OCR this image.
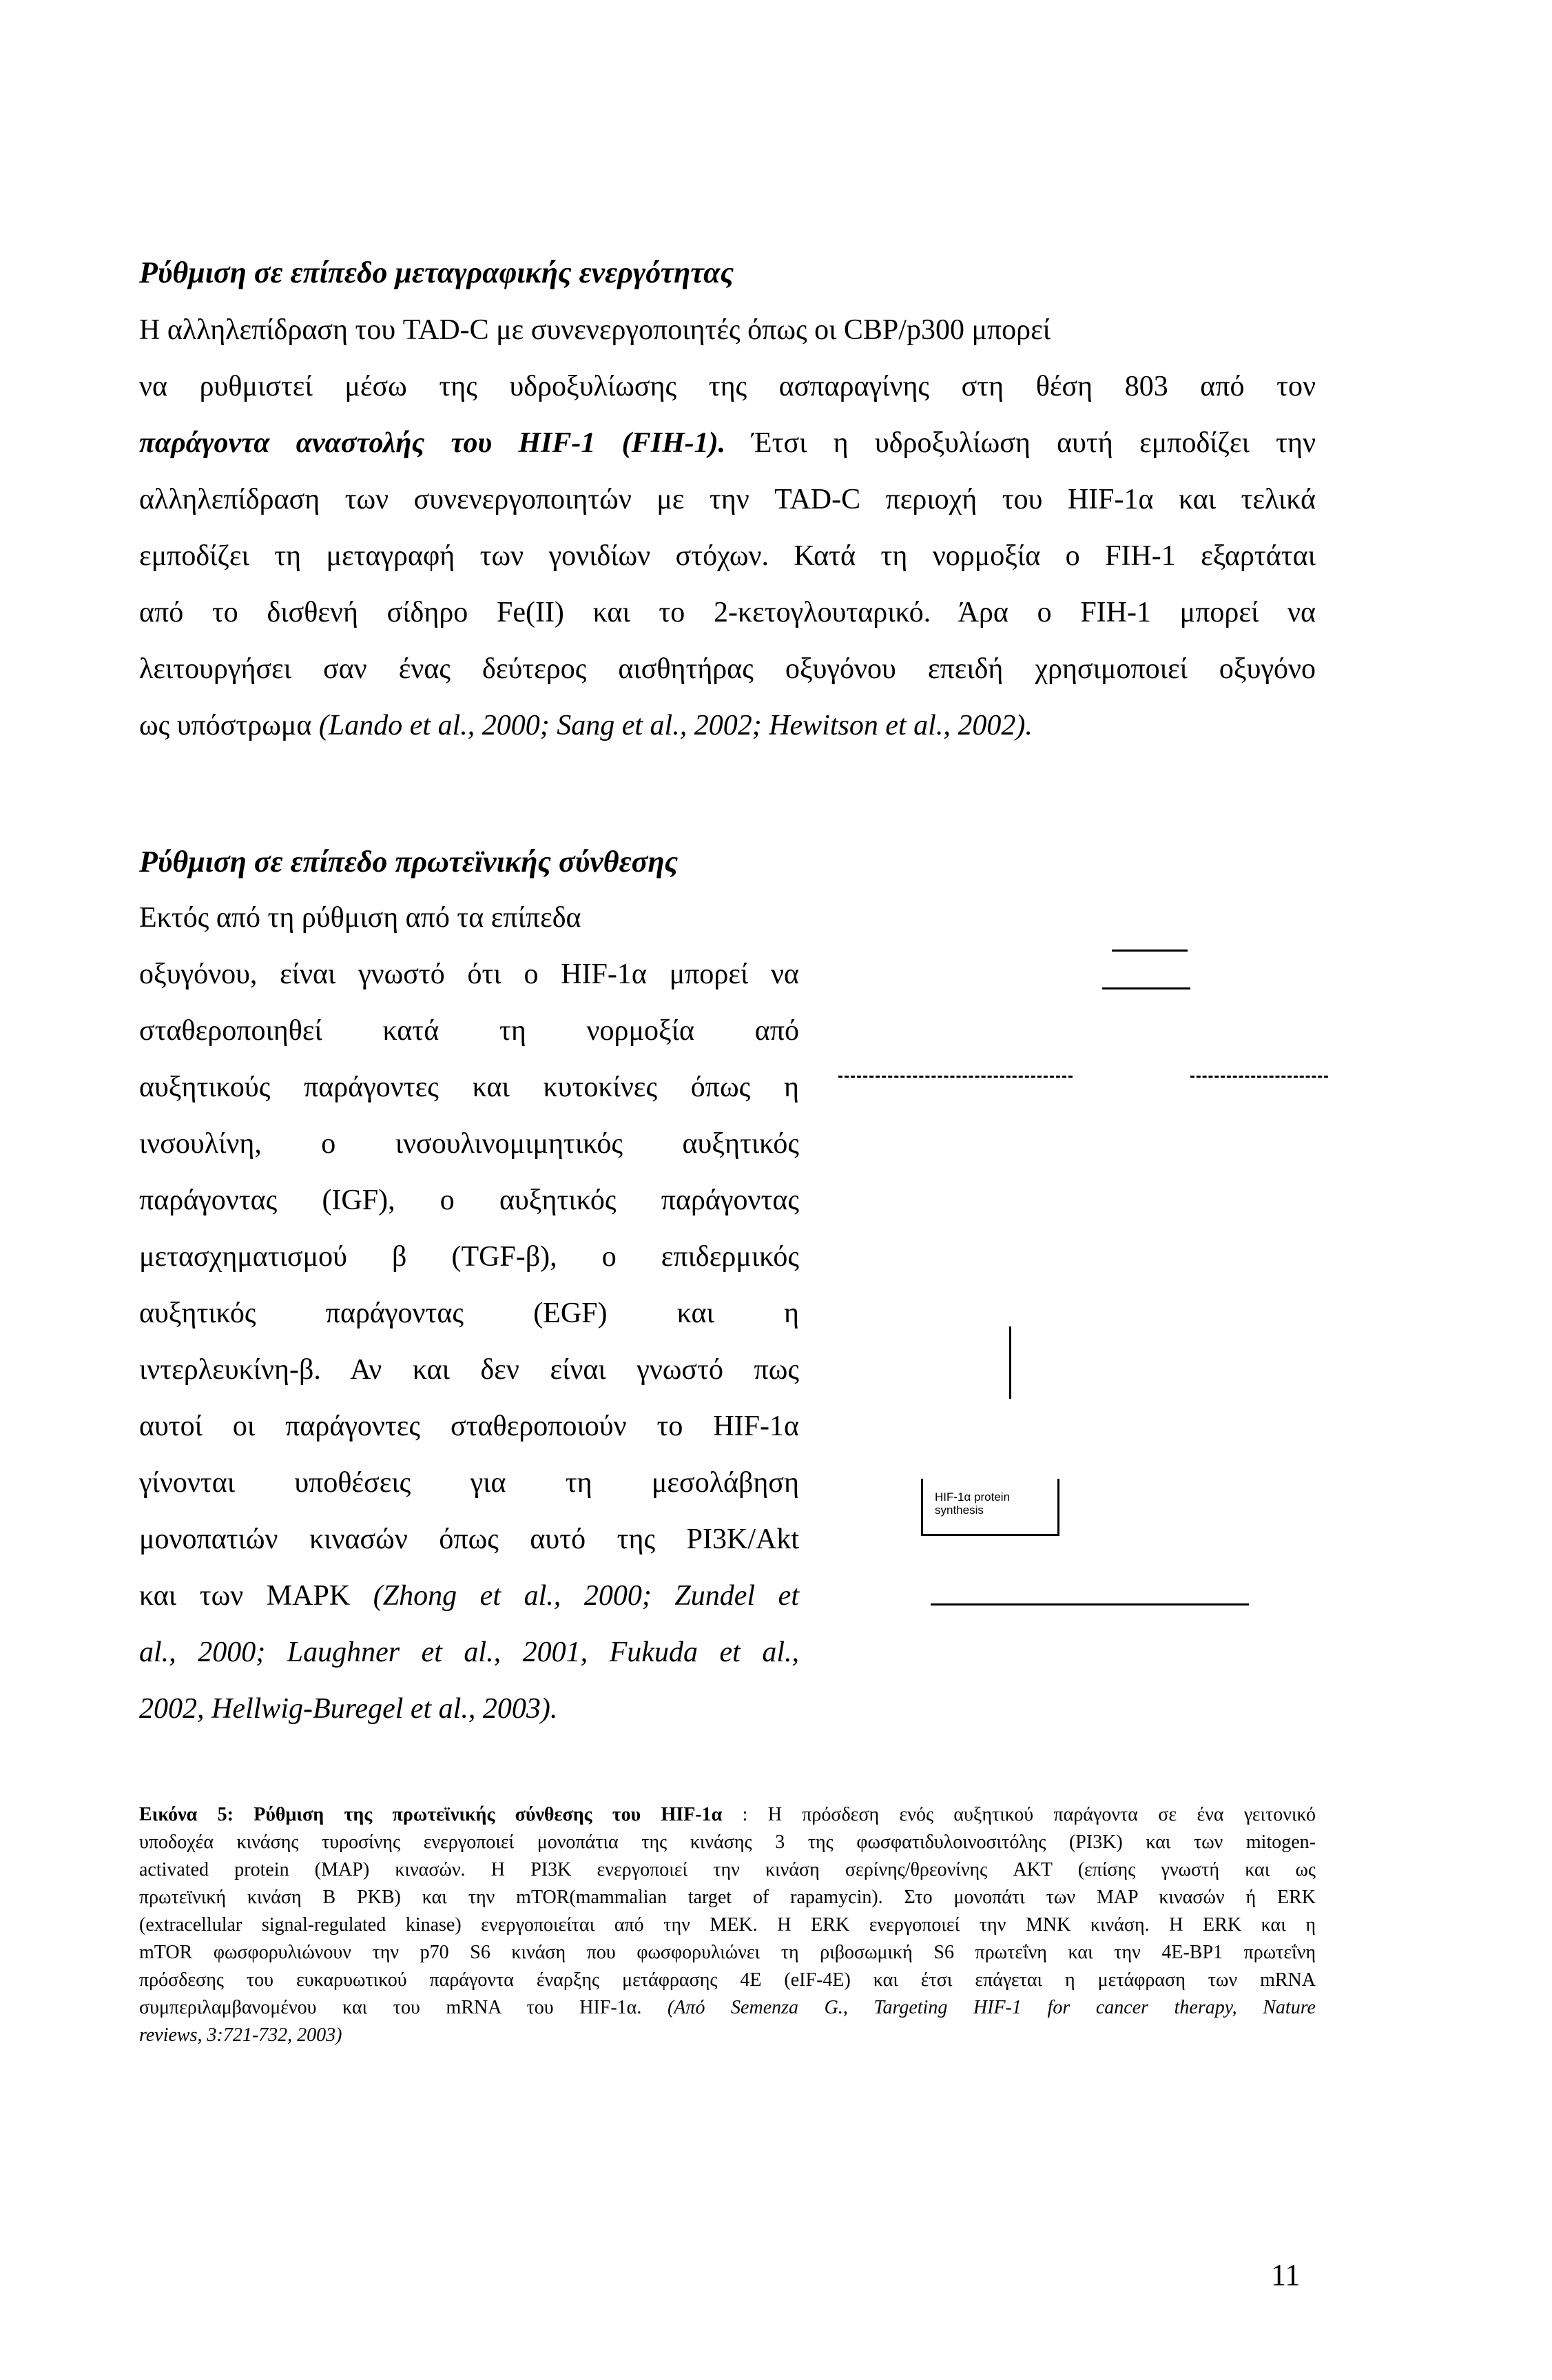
Ρύθμιση σε επίπεδο μεταγραφικής ενεργότητας
Η αλληλεπίδραση του TAD-C με συνενεργοποιητές όπως οι CBP/p300 μπορεί
να ρυθμιστεί μέσω της υδροξυλίωσης της ασπαραγίνης στη θέση 803 από τον
παράγοντα αναστολής του HIF-1 (FIH-1). Έτσι η υδροξυλίωση αυτή εμποδίζει την
αλληλεπίδραση των συνενεργοποιητών με την TAD-C περιοχή του HIF-1α και τελικά
εμποδίζει τη μεταγραφή των γονιδίων στόχων. Κατά τη νορμοξία ο FIH-1 εξαρτάται
από το δισθενή σίδηρο Fe(II) και το 2-κετογλουταρικό. Άρα ο FIH-1 μπορεί να
λειτουργήσει σαν ένας δεύτερος αισθητήρας οξυγόνου επειδή χρησιμοποιεί οξυγόνο
ως υπόστρωμα (Lando et al., 2000; Sang et al., 2002; Hewitson et al., 2002).
Ρύθμιση σε επίπεδο πρωτεϊνικής σύνθεσης
Εκτός από τη ρύθμιση από τα επίπεδα
οξυγόνου, είναι γνωστό ότι ο HIF-1α μπορεί να
σταθεροποιηθεί κατά τη νορμοξία από
αυξητικούς παράγοντες και κυτοκίνες όπως η
ινσουλίνη, ο ινσουλινομιμητικός αυξητικός
παράγοντας (IGF), ο αυξητικός παράγοντας
μετασχηματισμού β (TGF-β), ο επιδερμικός
αυξητικός παράγοντας (EGF) και η
ιντερλευκίνη-β. Αν και δεν είναι γνωστό πως
αυτοί οι παράγοντες σταθεροποιούν το HIF-1α
γίνονται υποθέσεις για τη μεσολάβηση
μονοπατιών κινασών όπως αυτό της PI3K/Akt
και των MAPK (Zhong et al., 2000; Zundel et
al., 2000; Laughner et al., 2001, Fukuda et al.,
2002, Hellwig-Buregel et al., 2003).
HIF-1α protein
synthesis
Εικόνα 5: Ρύθμιση της πρωτεϊνικής σύνθεσης του HIF-1α : Η πρόσδεση ενός αυξητικού παράγοντα σε ένα γειτονικό
υποδοχέα κινάσης τυροσίνης ενεργοποιεί μονοπάτια της κινάσης 3 της φωσφατιδυλοινοσιτόλης (PI3K) και των mitogen-
activated protein (MAP) κινασών. Η PI3K ενεργοποιεί την κινάση σερίνης/θρεονίνης AKT (επίσης γνωστή και ως
πρωτεϊνική κινάση B PKB) και την mTOR(mammalian target of rapamycin). Στο μονοπάτι των MAP κινασών ή ERK
(extracellular signal-regulated kinase) ενεργοποιείται από την MEK. Η ERK ενεργοποιεί την MNK κινάση. Η ERK και η
mTOR φωσφορυλιώνουν την p70 S6 κινάση που φωσφορυλιώνει τη ριβοσωμική S6 πρωτεΐνη και την 4E-BP1 πρωτεΐνη
πρόσδεσης του ευκαρυωτικού παράγοντα έναρξης μετάφρασης 4E (eIF-4E) και έτσι επάγεται η μετάφραση των mRNA
συμπεριλαμβανομένου και του mRNA του HIF-1α. (Από Semenza G., Targeting HIF-1 for cancer therapy, Nature
reviews, 3:721-732, 2003)
11
